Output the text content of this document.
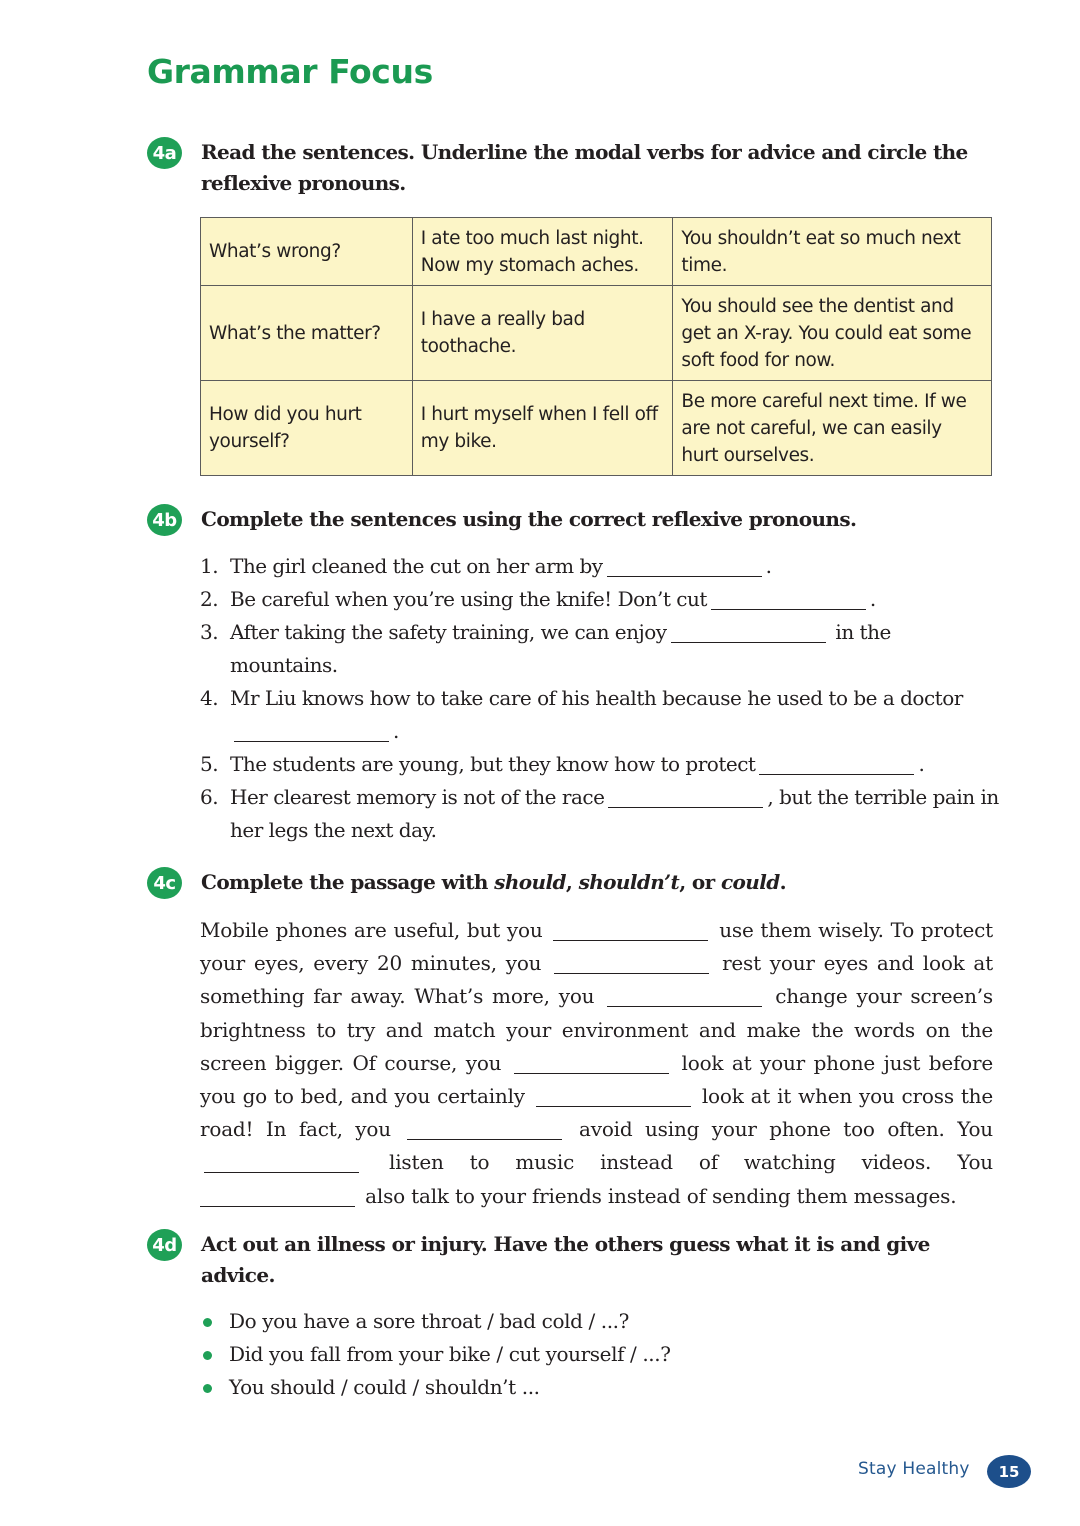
Grammar Focus
4a Read the sentences. Underline the modal verbs for advice and circle the reflexive pronouns.

What’s wrong?	I ate too much last night. Now my stomach aches.	You shouldn’t eat so much next time.
What’s the matter?	I have a really bad toothache.	You should see the dentist and get an X-ray. You could eat some soft food for now.
How did you hurt yourself?	I hurt myself when I fell off my bike.	Be more careful next time. If we are not careful, we can easily hurt ourselves.
4b Complete the sentences using the correct reflexive pronouns.

1. The girl cleaned the cut on her arm by	.
2. Be careful when you’re using the knife! Don’t cut	.
3. After taking the safety training, we can enjoy	in the mountains.
4. Mr Liu knows how to take care of his health because he used to be a doctor.
5. The students are young, but they know how to protect	.
6. Her clearest memory is not of the race	, but the terrible pain in her legs the next day.
4c	Complete the passage with should, shouldn’t, or could.

Mobile phones are useful, but you	use them wisely. To protect your eyes, every 20 minutes, you	rest your eyes and look at something far away. What’s more, you	change your screen’s brightness to try and match your environment and make the words on the screen bigger. Of course, you	look at your phone just before you go to bed, and you certainly	look at it when you cross the road! In fact, you	avoid using your phone too often. You  listen to music instead of watching videos. You  also talk to your friends instead of sending them messages.

4d Act out an illness or injury. Have the others guess what it is and give advice.

Do you have a sore throat / bad cold / ...?
Did you fall from your bike / cut yourself / ...?
You should / could / shouldn’t ...

Stay Healthy	15
